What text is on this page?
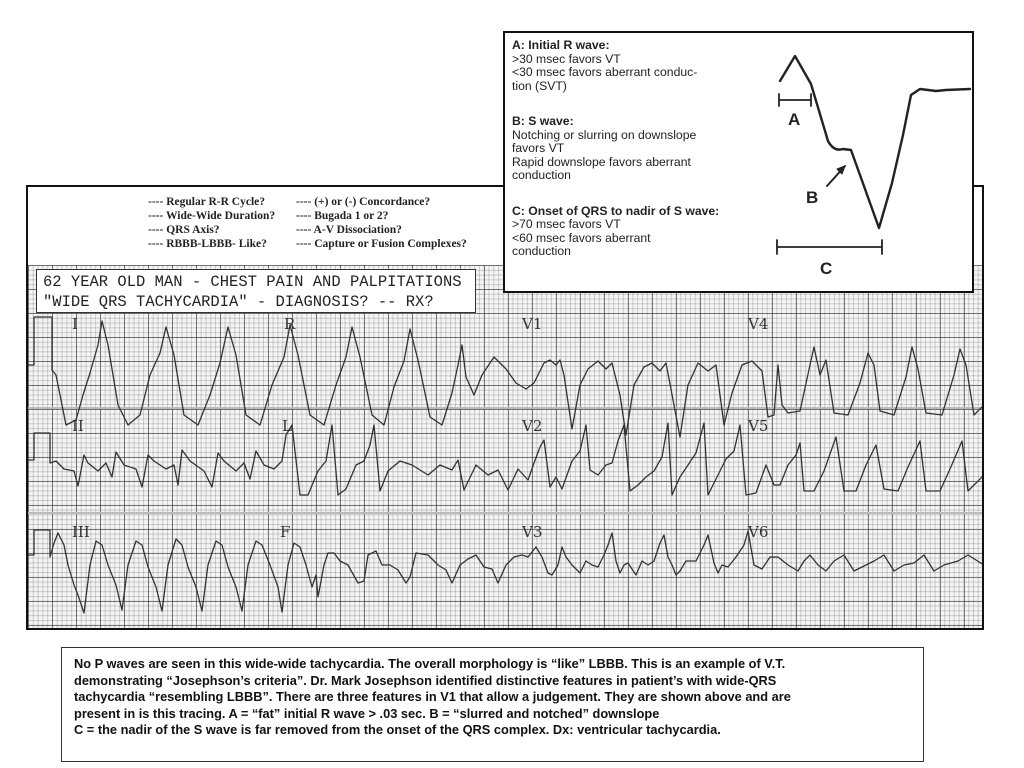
---- Regular R-R Cycle?
---- Wide-Wide Duration?
---- QRS Axis?
---- RBBB-LBBB- Like?
---- (+) or (-) Concordance?
---- Bugada 1 or 2?
---- A-V Dissociation?
---- Capture or Fusion Complexes?
62 YEAR OLD MAN - CHEST PAIN AND PALPITATIONS
"WIDE QRS TACHYCARDIA" - DIAGNOSIS? -- RX?
I	R	V1	V4
II	L	V2	V5
III	F	V3	V6
A: Initial R wave:
>30 msec favors VT
<30 msec favors aberrant conduc-
tion (SVT)
B: S wave:
Notching or slurring on downslope
favors VT
Rapid downslope favors aberrant
conduction
C: Onset of QRS to nadir of S wave:
>70 msec favors VT
<60 msec favors aberrant
conduction
A
B
C

No P waves are seen in this wide-wide tachycardia. The overall morphology is “like” LBBB. This is an example of V.T.

demonstrating “Josephson’s criteria”. Dr. Mark Josephson identified distinctive features in patient’s with wide-QRS

tachycardia “resembling LBBB”. There are three features in V1 that allow a judgement. They are shown above and are

present in is this tracing. A = “fat” initial R wave > .03 sec. B = “slurred and notched” downslope

C = the nadir of the S wave is far removed from the onset of the QRS complex. Dx: ventricular tachycardia.
